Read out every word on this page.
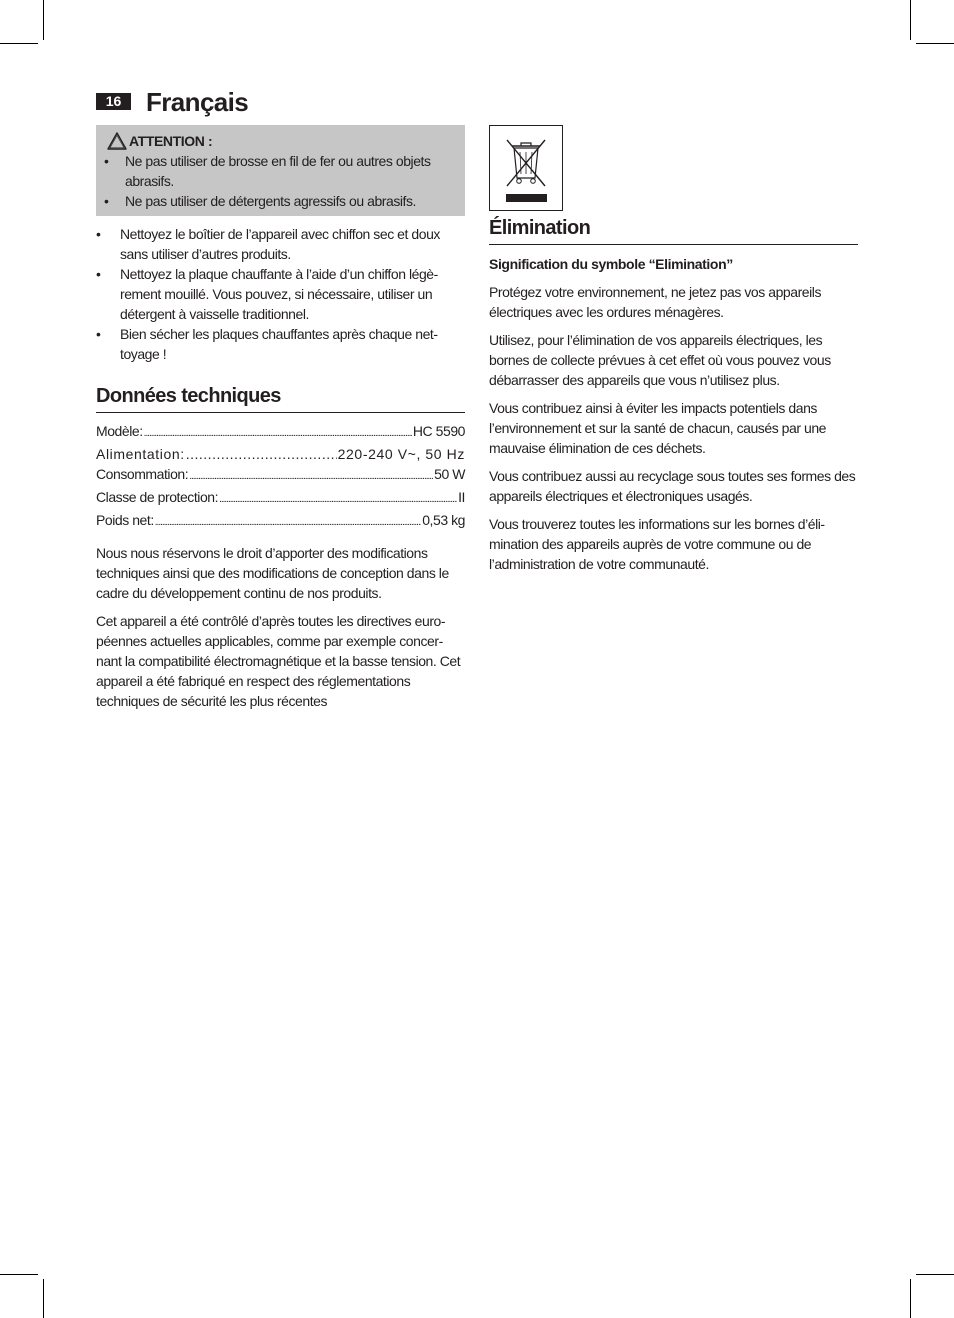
16 Français
ATTENTION :
• Ne pas utiliser de brosse en fil de fer ou autres objets abrasifs.
• Ne pas utiliser de détergents agressifs ou abrasifs.
• Nettoyez le boîtier de l’appareil avec chiffon sec et doux sans utiliser d’autres produits.
• Nettoyez la plaque chauffante à l’aide d’un chiffon légè-rement mouillé. Vous pouvez, si nécessaire, utiliser un détergent à vaisselle traditionnel.
• Bien sécher les plaques chauffantes après chaque net-toyage !
Données techniques
Modèle: .....	HC 5590
Alimentation: .....	220-240 V~, 50 Hz
Consommation: .....	50 W
Classe de protection: .....	II
Poids net: .....	0,53 kg

Nous nous réservons le droit d’apporter des modifications techniques ainsi que des modifications de conception dans le cadre du développement continu de nos produits.

Cet appareil a été contrôlé d’après toutes les directives euro-péennes actuelles applicables, comme par exemple concer-nant la compatibilité électromagnétique et la basse tension. Cet appareil a été fabriqué en respect des réglementations techniques de sécurité les plus récentes

Élimination
Signification du symbole “Elimination”

Protégez votre environnement, ne jetez pas vos appareils électriques avec les ordures ménagères.

Utilisez, pour l’élimination de vos appareils électriques, les bornes de collecte prévues à cet effet où vous pouvez vous débarrasser des appareils que vous n’utilisez plus.

Vous contribuez ainsi à éviter les impacts potentiels dans l’environnement et sur la santé de chacun, causés par une mauvaise élimination de ces déchets.

Vous contribuez aussi au recyclage sous toutes ses formes des appareils électriques et électroniques usagés.

Vous trouverez toutes les informations sur les bornes d’éli-mination des appareils auprès de votre commune ou de l’administration de votre communauté.
